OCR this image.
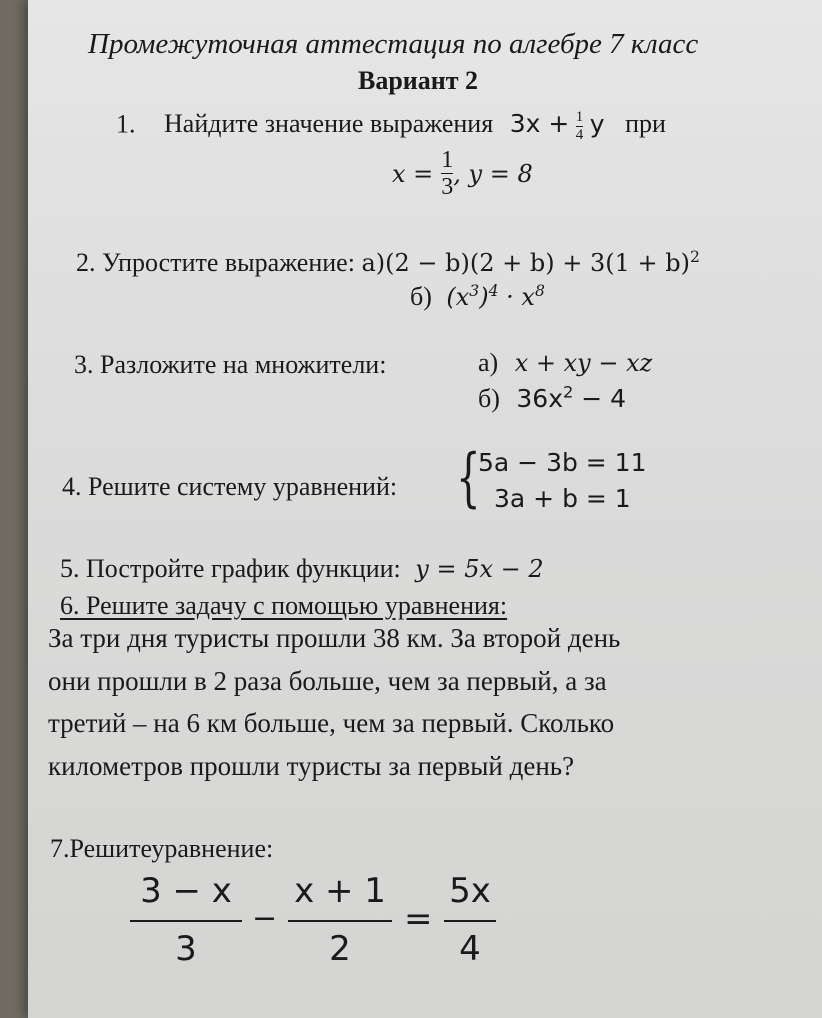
Промежуточная аттестация по алгебре 7 класс
Вариант 2
1. Найдите значение выражения $3x + \frac{1}{4}$ y при
$x = \frac{1}{3}$ , y = 8
2. Упростите выражение: $а)(2 - b)(2 + b) + 3(1 + b)^2$
б) $(x^3)^4 \cdot x^8$
3. Разложите на множители:	а) x + xy − xz
б) $36x^2 - 4$
4. Решите систему уравнений: {
5a − 3b = 11
3a + b = 1
5. Постройте график функции: y = 5x − 2
6. Решите задачу с помощью уравнения:
За три дня туристы прошли 38 км. За второй день
они прошли в 2 раза больше, чем за первый, а за
третий – на 6 км больше, чем за первый. Сколько
километров прошли туристы за первый день?
7.Решитеуравнение:
3 − x
3
−
x + 1
2
=
5x
4
